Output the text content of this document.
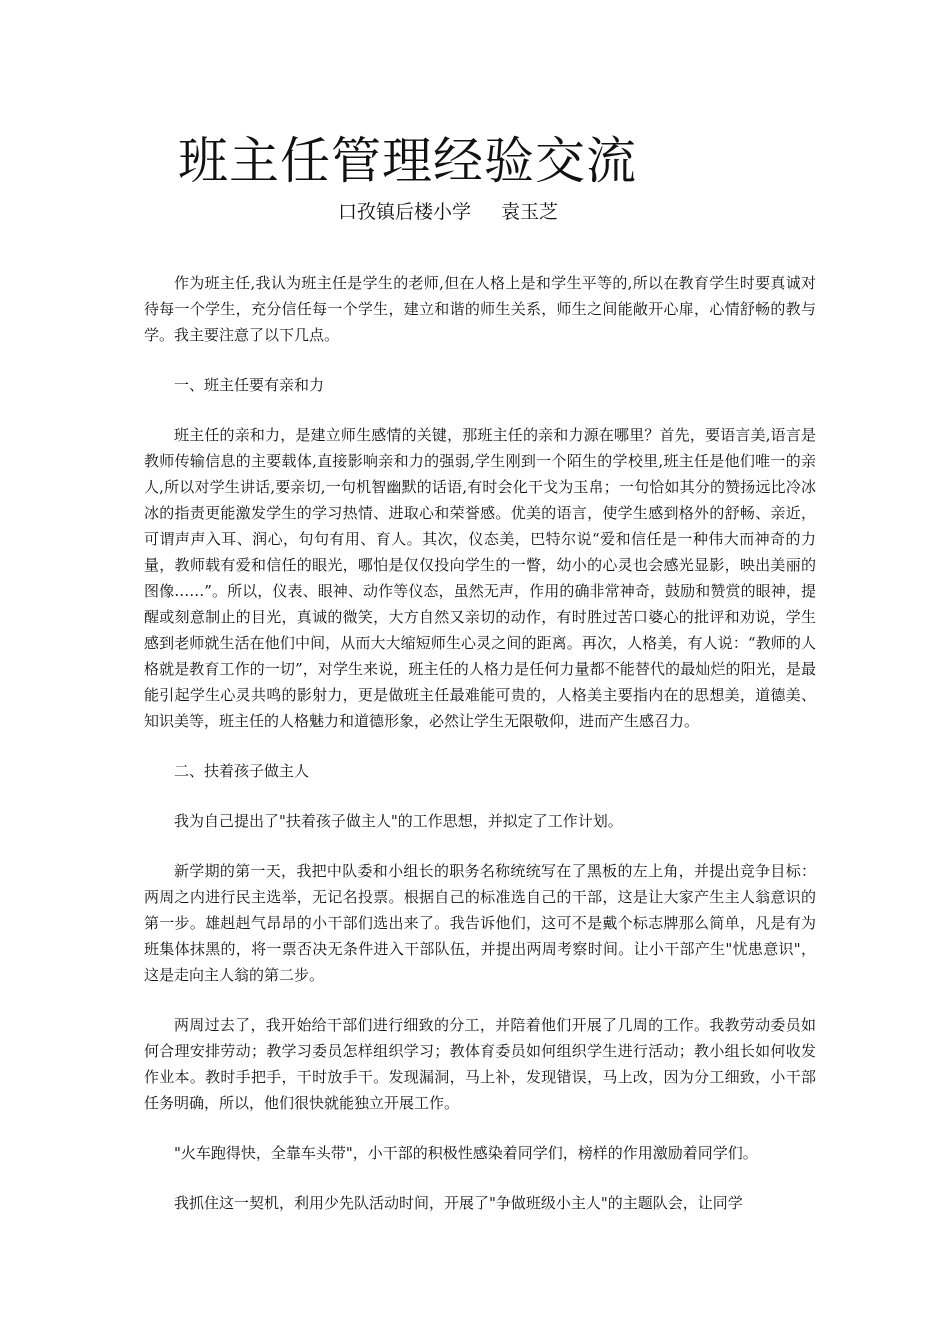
班主任管理经验交流
口孜镇后楼小学 袁玉芝

作为班主任,我认为班主任是学生的老师,但在人格上是和学生平等的,所以在教育学生时要真诚对待每一个学生，充分信任每一个学生，建立和谐的师生关系，师生之间能敞开心扉，心情舒畅的教与学。我主要注意了以下几点。

一、班主任要有亲和力

班主任的亲和力，是建立师生感情的关键，那班主任的亲和力源在哪里？首先，要语言美,语言是教师传输信息的主要载体,直接影响亲和力的强弱,学生刚到一个陌生的学校里,班主任是他们唯一的亲人,所以对学生讲话,要亲切,一句机智幽默的话语,有时会化干戈为玉帛；一句恰如其分的赞扬远比冷冰冰的指责更能激发学生的学习热情、进取心和荣誉感。优美的语言，使学生感到格外的舒畅、亲近，可谓声声入耳、润心，句句有用、育人。其次，仪态美，巴特尔说“爱和信任是一种伟大而神奇的力量，教师载有爱和信任的眼光，哪怕是仅仅投向学生的一瞥，幼小的心灵也会感光显影，映出美丽的图像……”。所以，仪表、眼神、动作等仪态，虽然无声，作用的确非常神奇，鼓励和赞赏的眼神，提醒或刻意制止的目光，真诚的微笑，大方自然又亲切的动作，有时胜过苦口婆心的批评和劝说，学生感到老师就生活在他们中间，从而大大缩短师生心灵之间的距离。再次，人格美，有人说：“教师的人格就是教育工作的一切”，对学生来说，班主任的人格力是任何力量都不能替代的最灿烂的阳光，是最能引起学生心灵共鸣的影射力，更是做班主任最难能可贵的，人格美主要指内在的思想美，道德美、知识美等，班主任的人格魅力和道德形象，必然让学生无限敬仰，进而产生感召力。

二、扶着孩子做主人

我为自己提出了"扶着孩子做主人"的工作思想，并拟定了工作计划。

新学期的第一天，我把中队委和小组长的职务名称统统写在了黑板的左上角，并提出竞争目标：两周之内进行民主选举，无记名投票。根据自己的标准选自己的干部，这是让大家产生主人翁意识的第一步。雄赳赳气昂昂的小干部们选出来了。我告诉他们，这可不是戴个标志牌那么简单，凡是有为班集体抹黑的，将一票否决无条件进入干部队伍，并提出两周考察时间。让小干部产生"忧患意识"，这是走向主人翁的第二步。

两周过去了，我开始给干部们进行细致的分工，并陪着他们开展了几周的工作。我教劳动委员如何合理安排劳动；教学习委员怎样组织学习；教体育委员如何组织学生进行活动；教小组长如何收发作业本。教时手把手，干时放手干。发现漏洞，马上补，发现错误，马上改，因为分工细致，小干部任务明确，所以，他们很快就能独立开展工作。

"火车跑得快，全靠车头带"，小干部的积极性感染着同学们，榜样的作用激励着同学们。

我抓住这一契机，利用少先队活动时间，开展了"争做班级小主人"的主题队会，让同学
